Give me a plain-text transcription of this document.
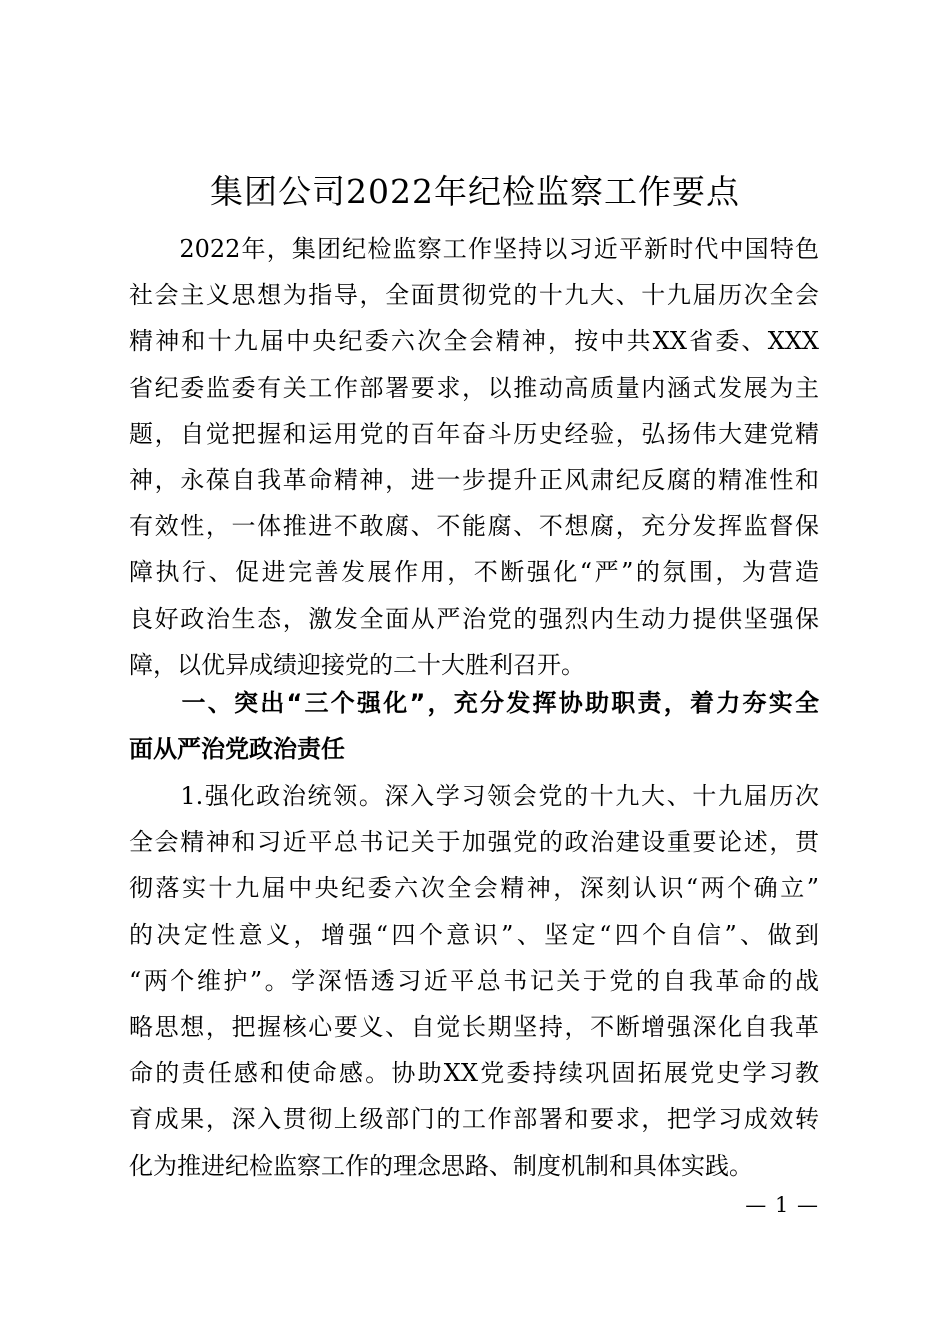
集团公司2022年纪检监察工作要点
　　2022年，集团纪检监察工作坚持以习近平新时代中国特色
社会主义思想为指导，全面贯彻党的十九大、十九届历次全会
精神和十九届中央纪委六次全会精神，按中共XX省委、XXX
省纪委监委有关工作部署要求，以推动高质量内涵式发展为主
题，自觉把握和运用党的百年奋斗历史经验，弘扬伟大建党精
神，永葆自我革命精神，进一步提升正风肃纪反腐的精准性和
有效性，一体推进不敢腐、不能腐、不想腐，充分发挥监督保
障执行、促进完善发展作用，不断强化“严”的氛围，为营造
良好政治生态，激发全面从严治党的强烈内生动力提供坚强保
障，以优异成绩迎接党的二十大胜利召开。
　　一、突出“三个强化”，充分发挥协助职责，着力夯实全
面从严治党政治责任
　　1.强化政治统领。深入学习领会党的十九大、十九届历次
全会精神和习近平总书记关于加强党的政治建设重要论述，贯
彻落实十九届中央纪委六次全会精神，深刻认识“两个确立”
的决定性意义，增强“四个意识”、坚定“四个自信”、做到
“两个维护”。学深悟透习近平总书记关于党的自我革命的战
略思想，把握核心要义、自觉长期坚持，不断增强深化自我革
命的责任感和使命感。协助XX党委持续巩固拓展党史学习教
育成果，深入贯彻上级部门的工作部署和要求，把学习成效转
化为推进纪检监察工作的理念思路、制度机制和具体实践。
— 1 —
